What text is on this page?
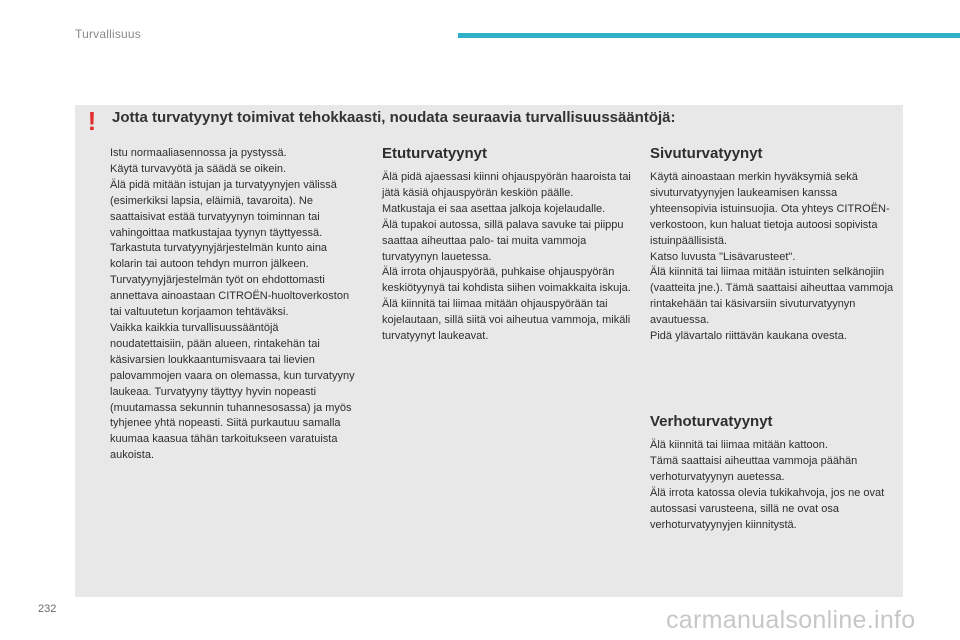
Turvallisuus
! Jotta turvatyynyt toimivat tehokkaasti, noudata seuraavia turvallisuussääntöjä:

Istu normaaliasennossa ja pystyssä.

Käytä turvavyötä ja säädä se oikein.

Älä pidä mitään istujan ja turvatyynyjen välissä (esimerkiksi lapsia, eläimiä, tavaroita). Ne saattaisivat estää turvatyynyn toiminnan tai vahingoittaa matkustajaa tyynyn täyttyessä.

Tarkastuta turvatyynyjärjestelmän kunto aina kolarin tai autoon tehdyn murron jälkeen.

Turvatyynyjärjestelmän työt on ehdottomasti annettava ainoastaan CITROËN-huoltoverkoston tai valtuutetun korjaamon tehtäväksi.

Vaikka kaikkia turvallisuussääntöjä noudatettaisiin, pään alueen, rintakehän tai käsivarsien loukkaantumisvaara tai lievien palovammojen vaara on olemassa, kun turvatyyny laukeaa. Turvatyyny täyttyy hyvin nopeasti (muutamassa sekunnin tuhannesosassa) ja myös tyhjenee yhtä nopeasti. Siitä purkautuu samalla kuumaa kaasua tähän tarkoitukseen varatuista aukoista.

Etuturvatyynyt

Älä pidä ajaessasi kiinni ohjauspyörän haaroista tai jätä käsiä ohjauspyörän keskiön päälle.

Matkustaja ei saa asettaa jalkoja kojelaudalle.

Älä tupakoi autossa, sillä palava savuke tai piippu saattaa aiheuttaa palo- tai muita vammoja turvatyynyn lauetessa.

Älä irrota ohjauspyörää, puhkaise ohjauspyörän keskiötyynyä tai kohdista siihen voimakkaita iskuja.

Älä kiinnitä tai liimaa mitään ohjauspyörään tai kojelautaan, sillä siitä voi aiheutua vammoja, mikäli turvatyynyt laukeavat.

Sivuturvatyynyt

Käytä ainoastaan merkin hyväksymiä sekä sivuturvatyynyjen laukeamisen kanssa yhteensopivia istuinsuojia. Ota yhteys CITROËN-verkostoon, kun haluat tietoja autoosi sopivista istuinpäällisistä.

Katso luvusta "Lisävarusteet".

Älä kiinnitä tai liimaa mitään istuinten selkänojiin (vaatteita jne.). Tämä saattaisi aiheuttaa vammoja rintakehään tai käsivarsiin sivuturvatyynyn avautuessa.

Pidä ylävartalo riittävän kaukana ovesta.

Verhoturvatyynyt

Älä kiinnitä tai liimaa mitään kattoon.

Tämä saattaisi aiheuttaa vammoja päähän verhoturvatyynyn auetessa.

Älä irrota katossa olevia tukikahvoja, jos ne ovat autossasi varusteena, sillä ne ovat osa verhoturvatyynyjen kiinnitystä.

232	carmanualsonline.info
